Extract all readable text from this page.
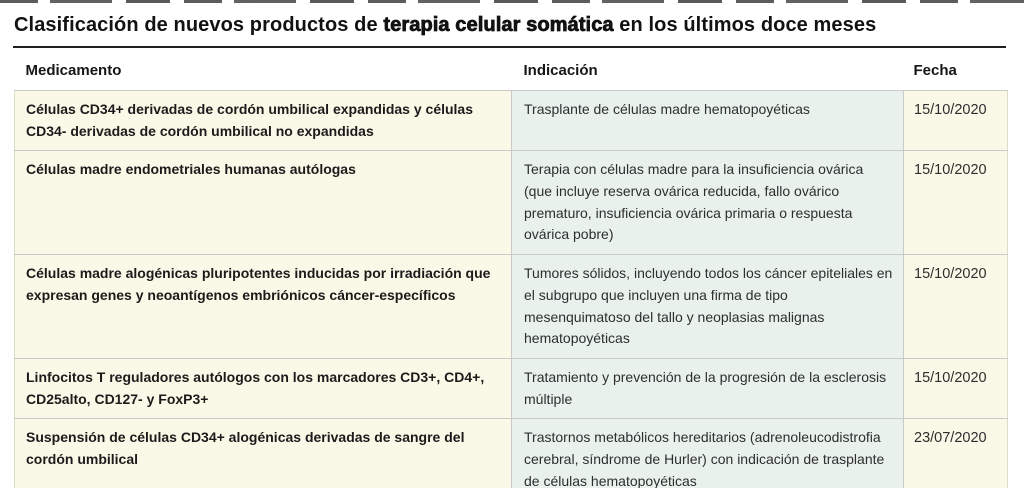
Clasificación de nuevos productos de terapia celular somática en los últimos doce meses
Medicamento	Indicación	Fecha
Células CD34+ derivadas de cordón umbilical expandidas y células CD34- derivadas de cordón umbilical no expandidas	Trasplante de células madre hematopoyéticas	15/10/2020
Células madre endometriales humanas autólogas	Terapia con células madre para la insuficiencia ovárica (que incluye reserva ovárica reducida, fallo ovárico prematuro, insuficiencia ovárica primaria o respuesta ovárica pobre)	15/10/2020
Células madre alogénicas pluripotentes inducidas por irradiación que expresan genes y neoantígenos embriónicos cáncer-específicos	Tumores sólidos, incluyendo todos los cáncer epiteliales en el subgrupo que incluyen una firma de tipo mesenquimatoso del tallo y neoplasias malignas hematopoyéticas	15/10/2020
Linfocitos T reguladores autólogos con los marcadores CD3+, CD4+, CD25alto, CD127- y FoxP3+	Tratamiento y prevención de la progresión de la esclerosis múltiple	15/10/2020
Suspensión de células CD34+ alogénicas derivadas de sangre del cordón umbilical	Trastornos metabólicos hereditarios (adrenoleucodistrofia cerebral, síndrome de Hurler) con indicación de trasplante de células hematopoyéticas	23/07/2020
